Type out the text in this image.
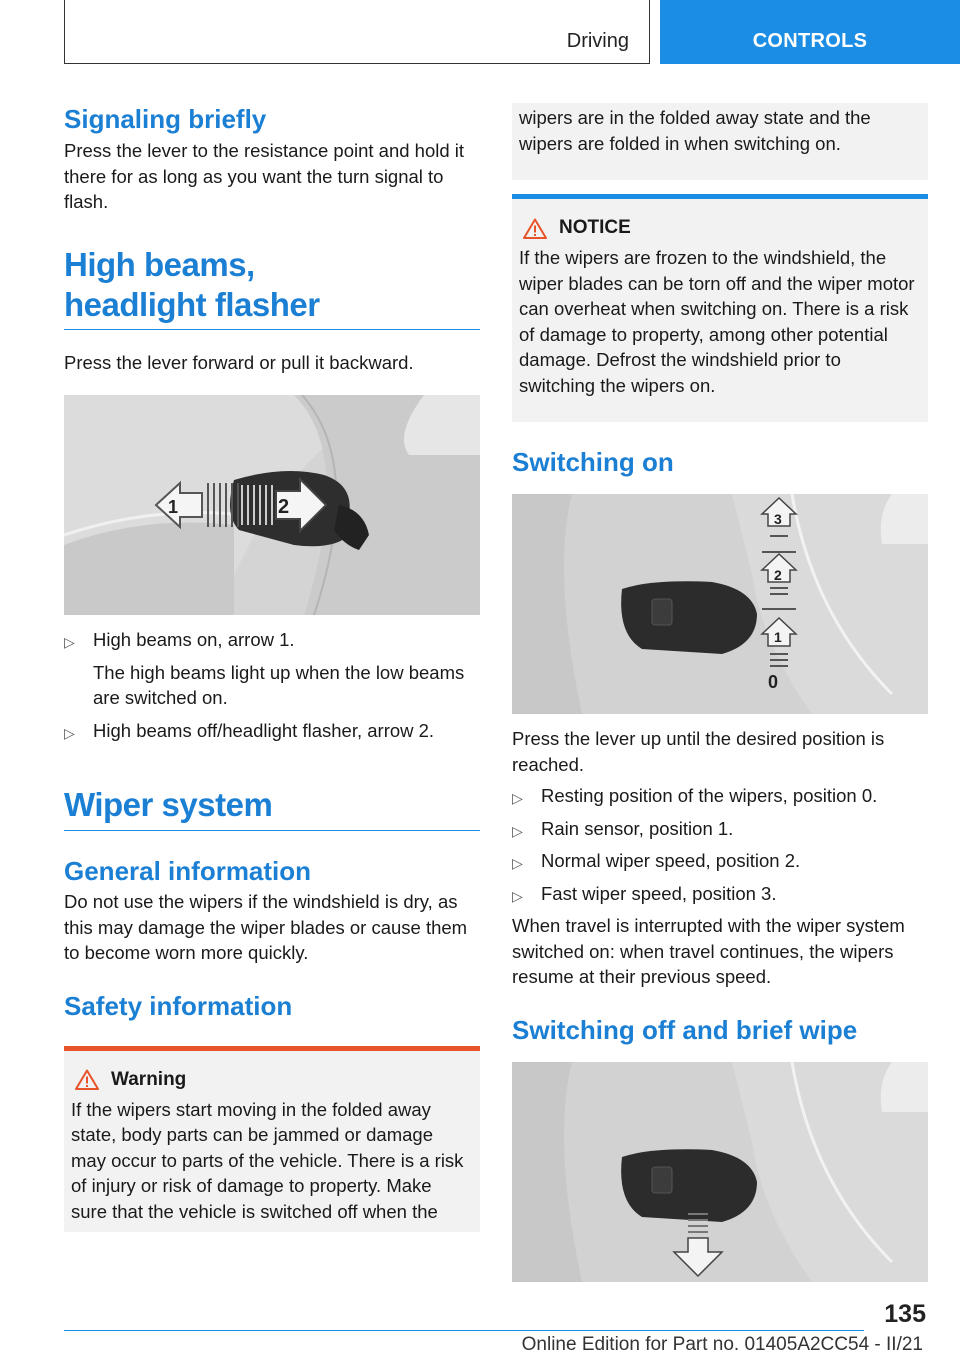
Driving	CONTROLS
Signaling briefly

Press the lever to the resistance point and hold it there for as long as you want the turn signal to flash.

High beams,
headlight flasher

Press the lever forward or pull it backward.

1	2
▷ High beams on, arrow 1.
The high beams light up when the low beams are switched on.
▷ High beams off/headlight flasher, arrow 2.
Wiper system
General information

Do not use the wipers if the windshield is dry, as this may damage the wiper blades or cause them to become worn more quickly.

Safety information
Warning

If the wipers start moving in the folded away state, body parts can be jammed or damage may occur to parts of the vehicle. There is a risk of injury or risk of damage to property. Make sure that the vehicle is switched off when the

wipers are in the folded away state and the wipers are folded in when switching on.

NOTICE

If the wipers are frozen to the windshield, the wiper blades can be torn off and the wiper motor can overheat when switching on. There is a risk of damage to property, among other potential damage. Defrost the windshield prior to switching the wipers on.

Switching on
1
2
3
0

Press the lever up until the desired position is reached.

▷ Resting position of the wipers, position 0.
▷ Rain sensor, position 1.
▷ Normal wiper speed, position 2.
▷ Fast wiper speed, position 3.

When travel is interrupted with the wiper system switched on: when travel continues, the wipers resume at their previous speed.

Switching off and brief wipe
135
Online Edition for Part no. 01405A2CC54 - II/21
